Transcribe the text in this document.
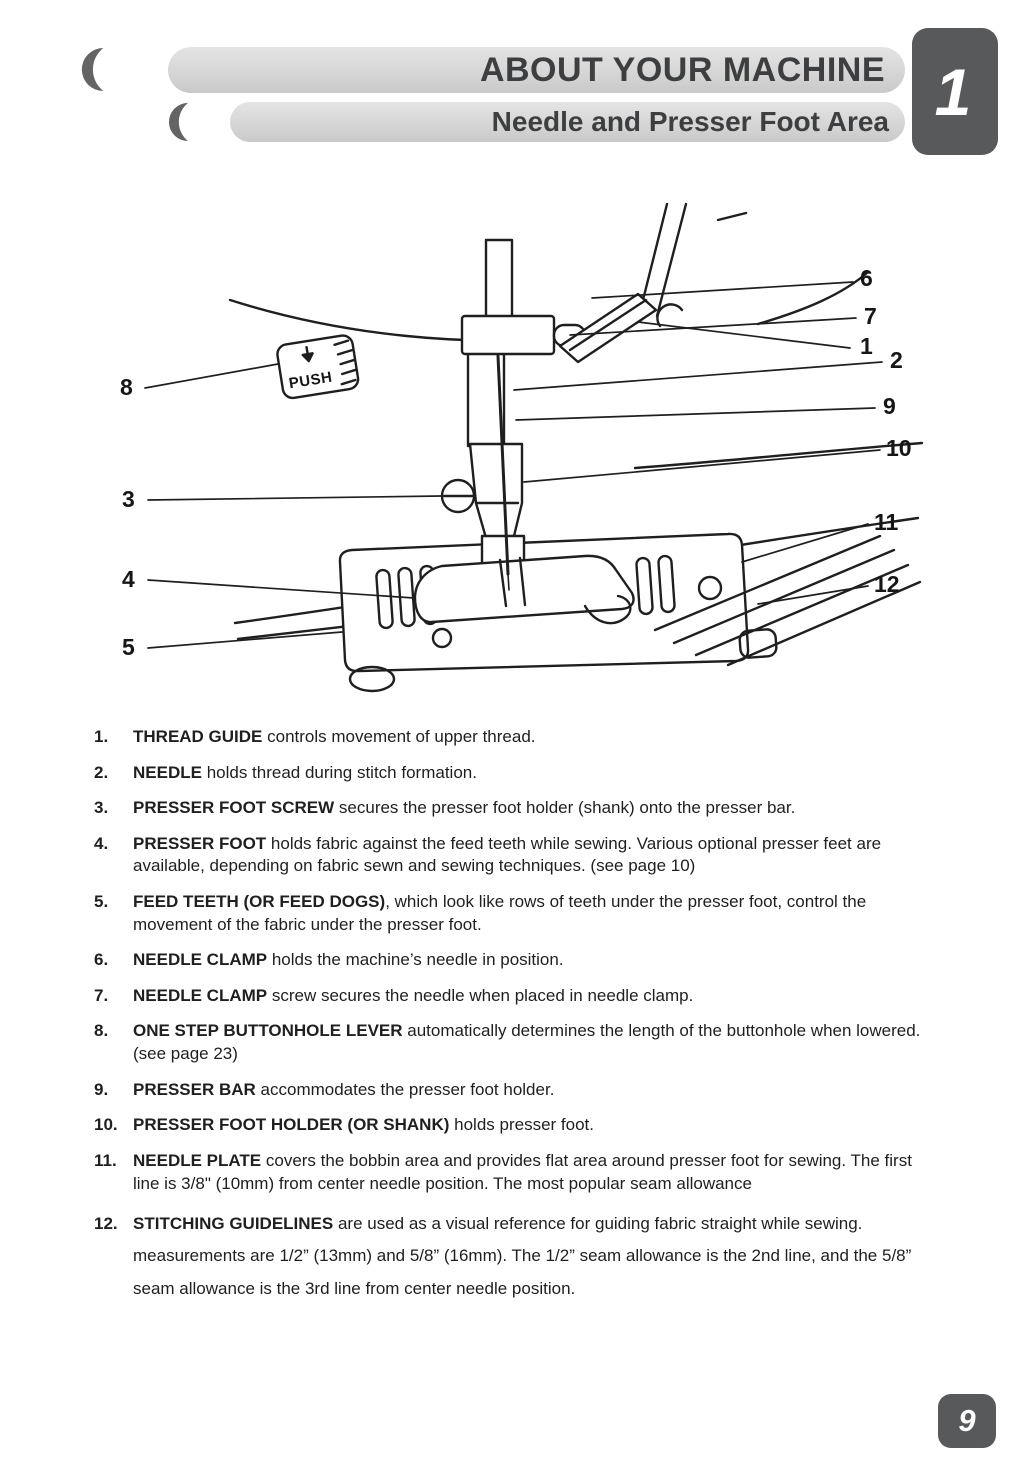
ABOUT YOUR MACHINE
Needle and Presser Foot Area 1
PUSH
6
7
1
2
9
10
11
12
8
3
4
5
1.	THREAD GUIDE controls movement of upper thread.
2.	NEEDLE holds thread during stitch formation.
3.	PRESSER FOOT SCREW secures the presser foot holder (shank) onto the presser bar.
4.	PRESSER FOOT holds fabric against the feed teeth while sewing. Various optional presser feet are available, depending on fabric sewn and sewing techniques. (see page 10)
5.	FEED TEETH (OR FEED DOGS), which look like rows of teeth under the presser foot, control the movement of the fabric under the presser foot.
6.	NEEDLE CLAMP holds the machine’s needle in position.
7.	NEEDLE CLAMP screw secures the needle when placed in needle clamp.
8.	ONE STEP BUTTONHOLE LEVER automatically determines the length of the buttonhole when lowered. (see page 23)
9.	PRESSER BAR accommodates the presser foot holder.
10. PRESSER FOOT HOLDER (OR SHANK) holds presser foot.
11. NEEDLE PLATE covers the bobbin area and provides flat area around presser foot for sewing. The first line is 3/8" (10mm) from center needle position. The most popular seam allowance
12. STITCHING GUIDELINES are used as a visual reference for guiding fabric straight while sewing. measurements are 1/2” (13mm) and 5/8” (16mm). The 1/2” seam allowance is the 2nd line, and the 5/8” seam allowance is the 3rd line from center needle position.
9
